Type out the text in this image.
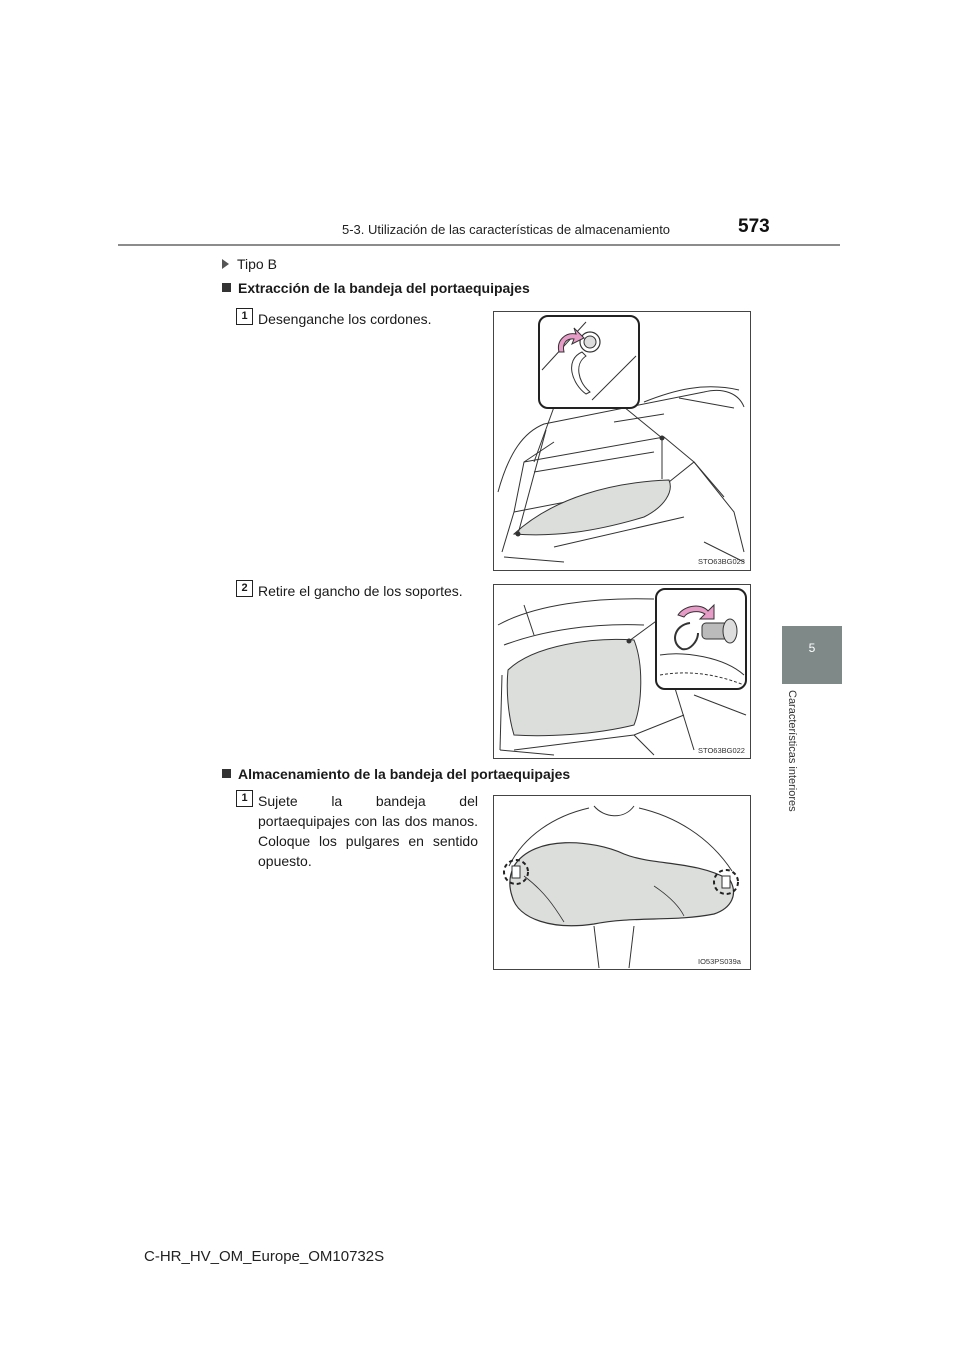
5-3. Utilización de las características de almacenamiento	573
5
Características interiores
Tipo B
Extracción de la bandeja del portaequipajes
1 Desenganche los cordones.
STO63BG023
2 Retire el gancho de los soportes.
STO63BG022
Almacenamiento de la bandeja del portaequipajes
1 Sujete la bandeja del portaequipajes con las dos manos. Coloque los pulgares en sentido opuesto.
IO53PS039a
C-HR_HV_OM_Europe_OM10732S
